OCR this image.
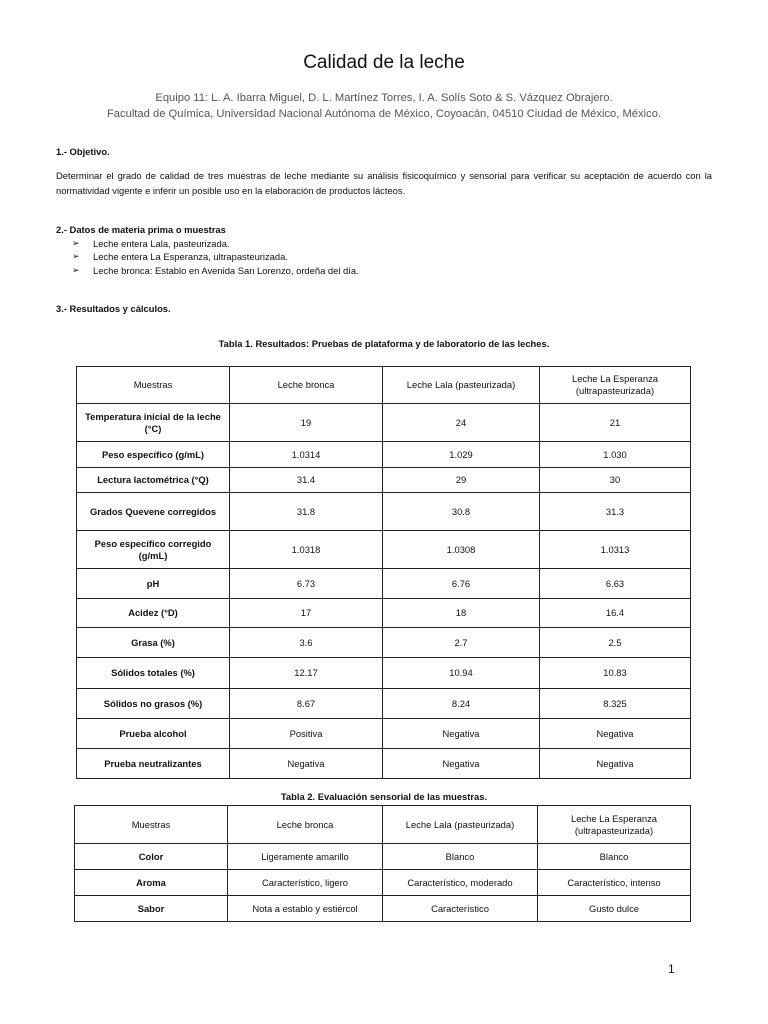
Calidad de la leche
Equipo 11: L. A. Ibarra Miguel, D. L. Martínez Torres, I. A. Solís Soto & S. Vázquez Obrajero.
Facultad de Química, Universidad Nacional Autónoma de México, Coyoacán, 04510 Ciudad de México, México.
1.- Objetivo.
Determinar el grado de calidad de tres muestras de leche mediante su análisis fisicoquímico y sensorial para verificar su aceptación de acuerdo con la normatividad vigente e inferir un posible uso en la elaboración de productos lácteos.
2.- Datos de materia prima o muestras
➢ Leche entera Lala, pasteurizada.
➢ Leche entera La Esperanza, ultrapasteurizada.
➢ Leche bronca: Establo en Avenida San Lorenzo, ordeña del día.
3.- Resultados y cálculos.
Tabla 1. Resultados: Pruebas de plataforma y de laboratorio de las leches.
Muestras	Leche bronca	Leche Lala (pasteurizada)	Leche La Esperanza (ultrapasteurizada)
Temperatura inicial de la leche (°C)	19	24	21
Peso específico (g/mL)	1.0314	1.029	1.030
Lectura lactométrica (°Q)	31.4	29	30
Grados Quevene corregidos	31.8	30.8	31.3
Peso específico corregido (g/mL)	1.0318	1.0308	1.0313
pH	6.73	6.76	6.63
Acidez (°D)	17	18	16.4
Grasa (%)	3.6	2.7	2.5
Sólidos totales (%)	12.17	10.94	10.83
Sólidos no grasos (%)	8.67	8.24	8.325
Prueba alcohol	Positiva	Negativa	Negativa
Prueba neutralizantes	Negativa	Negativa	Negativa
Tabla 2. Evaluación sensorial de las muestras.
Muestras	Leche bronca	Leche Lala (pasteurizada)	Leche La Esperanza (ultrapasteurizada)
Color	Ligeramente amarillo	Blanco	Blanco
Aroma	Característico, ligero	Característico, moderado	Característico, intenso
Sabor	Nota a establo y estiércol	Característico	Gusto dulce
1
